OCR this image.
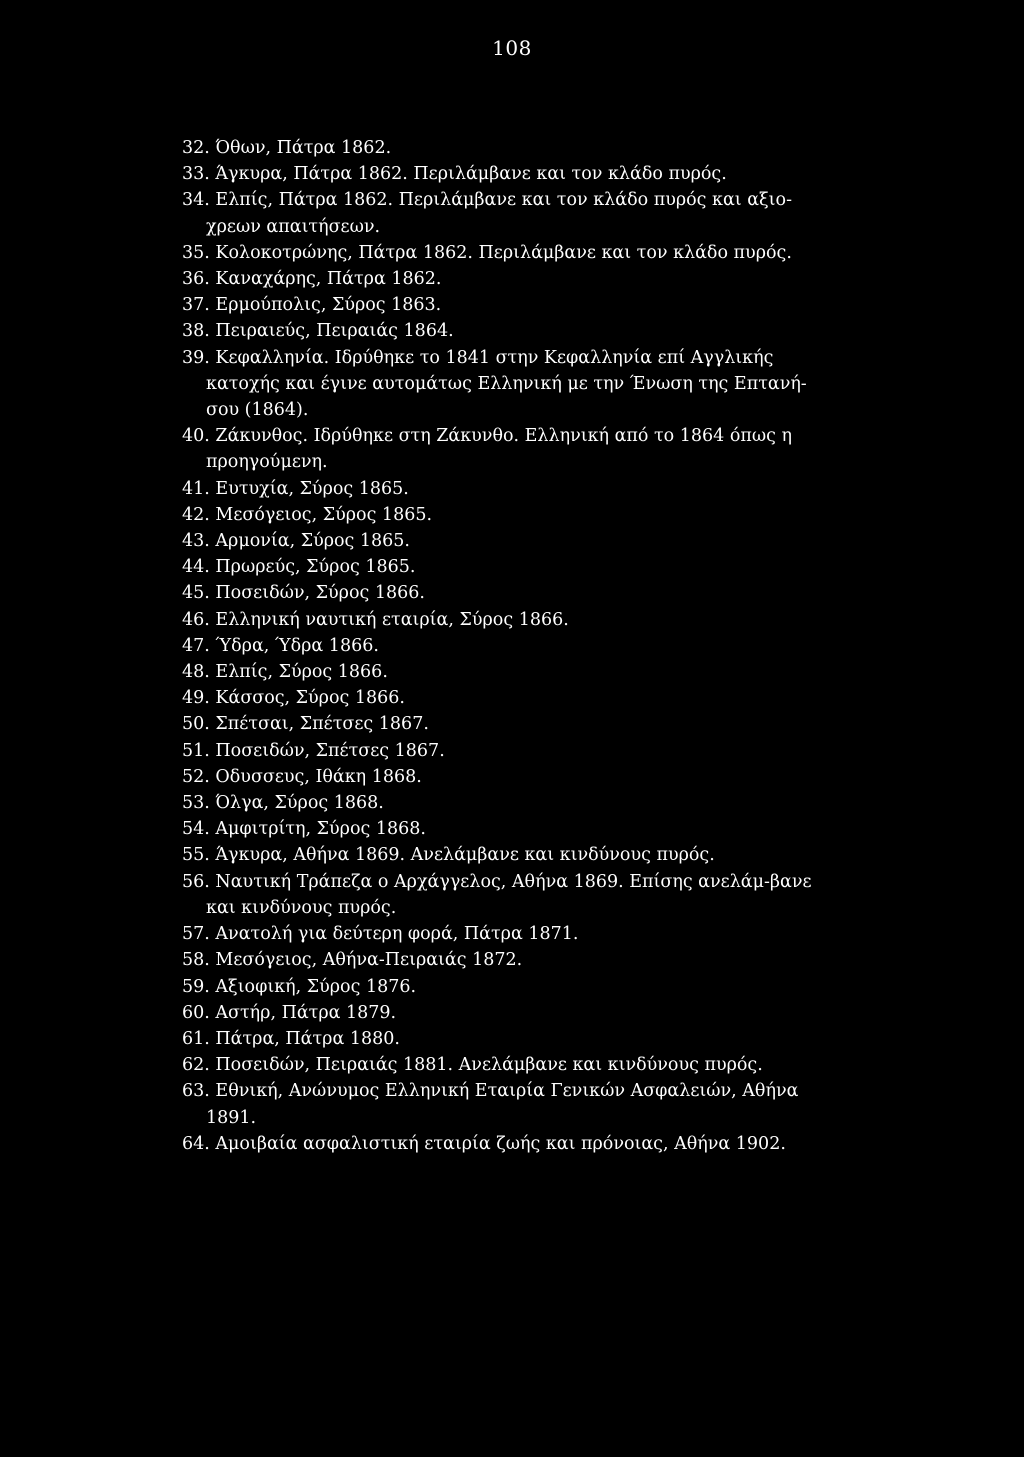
108
32. Όθων, Πάτρα 1862.
33. Άγκυρα, Πάτρα 1862. Περιλάμβανε και τον κλάδο πυρός.
34. Ελπίς, Πάτρα 1862. Περιλάμβανε και τον κλάδο πυρός και αξιο-χρεων απαιτήσεων.
35. Κολοκοτρώνης, Πάτρα 1862. Περιλάμβανε και τον κλάδο πυρός.
36. Καναχάρης, Πάτρα 1862.
37. Ερμούπολις, Σύρος 1863.
38. Πειραιεύς, Πειραιάς 1864.
39. Κεφαλληνία. Ιδρύθηκε το 1841 στην Κεφαλληνία επί Αγγλικής κατοχής και έγινε αυτομάτως Ελληνική με την Ένωση της Επτανή-σου (1864).
40. Ζάκυνθος. Ιδρύθηκε στη Ζάκυνθο. Ελληνική από το 1864 όπως η προηγούμενη.
41. Ευτυχία, Σύρος 1865.
42. Μεσόγειος, Σύρος 1865.
43. Αρμονία, Σύρος 1865.
44. Πρωρεύς, Σύρος 1865.
45. Ποσειδών, Σύρος 1866.
46. Ελληνική ναυτική εταιρία, Σύρος 1866.
47. Ύδρα, Ύδρα 1866.
48. Ελπίς, Σύρος 1866.
49. Κάσσος, Σύρος 1866.
50. Σπέτσαι, Σπέτσες 1867.
51. Ποσειδών, Σπέτσες 1867.
52. Οδυσσευς, Ιθάκη 1868.
53. Όλγα, Σύρος 1868.
54. Αμφιτρίτη, Σύρος 1868.
55. Άγκυρα, Αθήνα 1869. Ανελάμβανε και κινδύνους πυρός.
56. Ναυτική Τράπεζα ο Αρχάγγελος, Αθήνα 1869. Επίσης ανελάμ-βανε και κινδύνους πυρός.
57. Ανατολή για δεύτερη φορά, Πάτρα 1871.
58. Μεσόγειος, Αθήνα-Πειραιάς 1872.
59. Αξιοφική, Σύρος 1876.
60. Αστήρ, Πάτρα 1879.
61. Πάτρα, Πάτρα 1880.
62. Ποσειδών, Πειραιάς 1881. Ανελάμβανε και κινδύνους πυρός.
63. Εθνική, Ανώνυμος Ελληνική Εταιρία Γενικών Ασφαλειών, Αθήνα 1891.
64. Αμοιβαία ασφαλιστική εταιρία ζωής και πρόνοιας, Αθήνα 1902.
